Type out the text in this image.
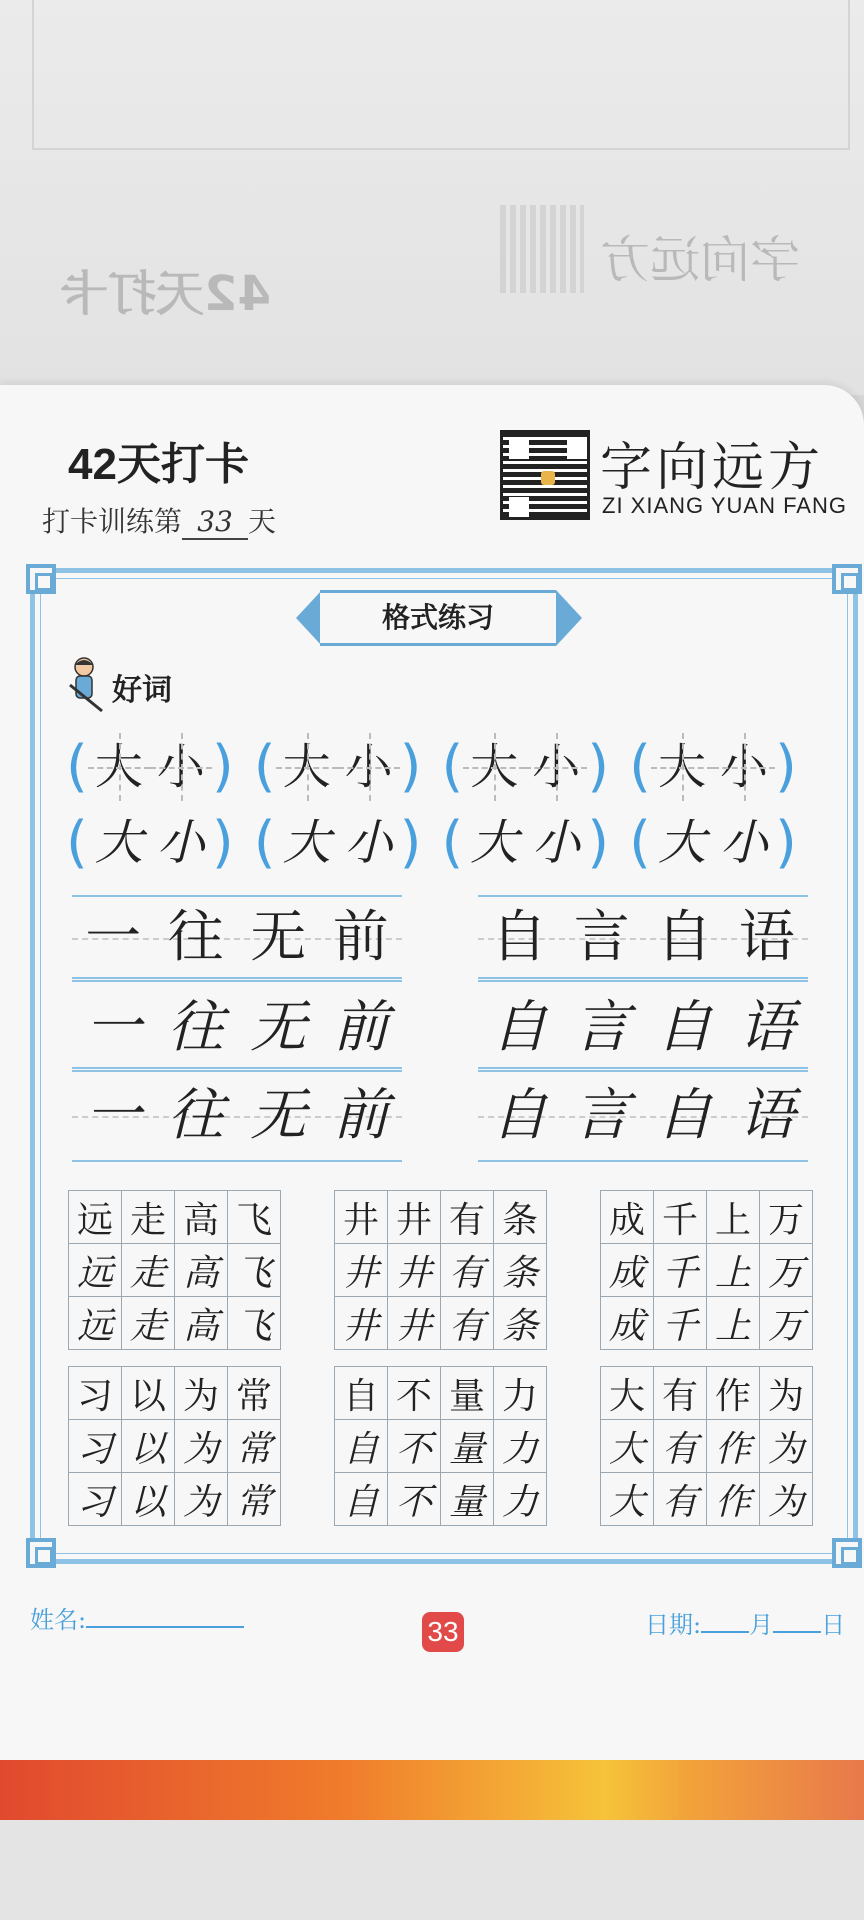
42天打卡
字向远方
42天打卡
打卡训练第 33 天
字向远方
ZI XIANG YUAN FANG
格式练习
好词
( 大 小 ) ( 大 小 ) ( 大 小 ) ( 大 小 )
( 大 小 ) ( 大 小 ) ( 大 小 ) ( 大 小 )
一 往 无 前
一 往 无 前
一 往 无 前
自 言 自 语
自 言 自 语
自 言 自 语
远	走	高	飞
远	走	高	飞
远	走	高	飞
井	井	有	条
井	井	有	条
井	井	有	条
成	千	上	万
成	千	上	万
成	千	上	万
习	以	为	常
习	以	为	常
习	以	为	常
自	不	量	力
自	不	量	力
自	不	量	力
大	有	作	为
大	有	作	为
大	有	作	为
姓名:	33	日期: 月 日
